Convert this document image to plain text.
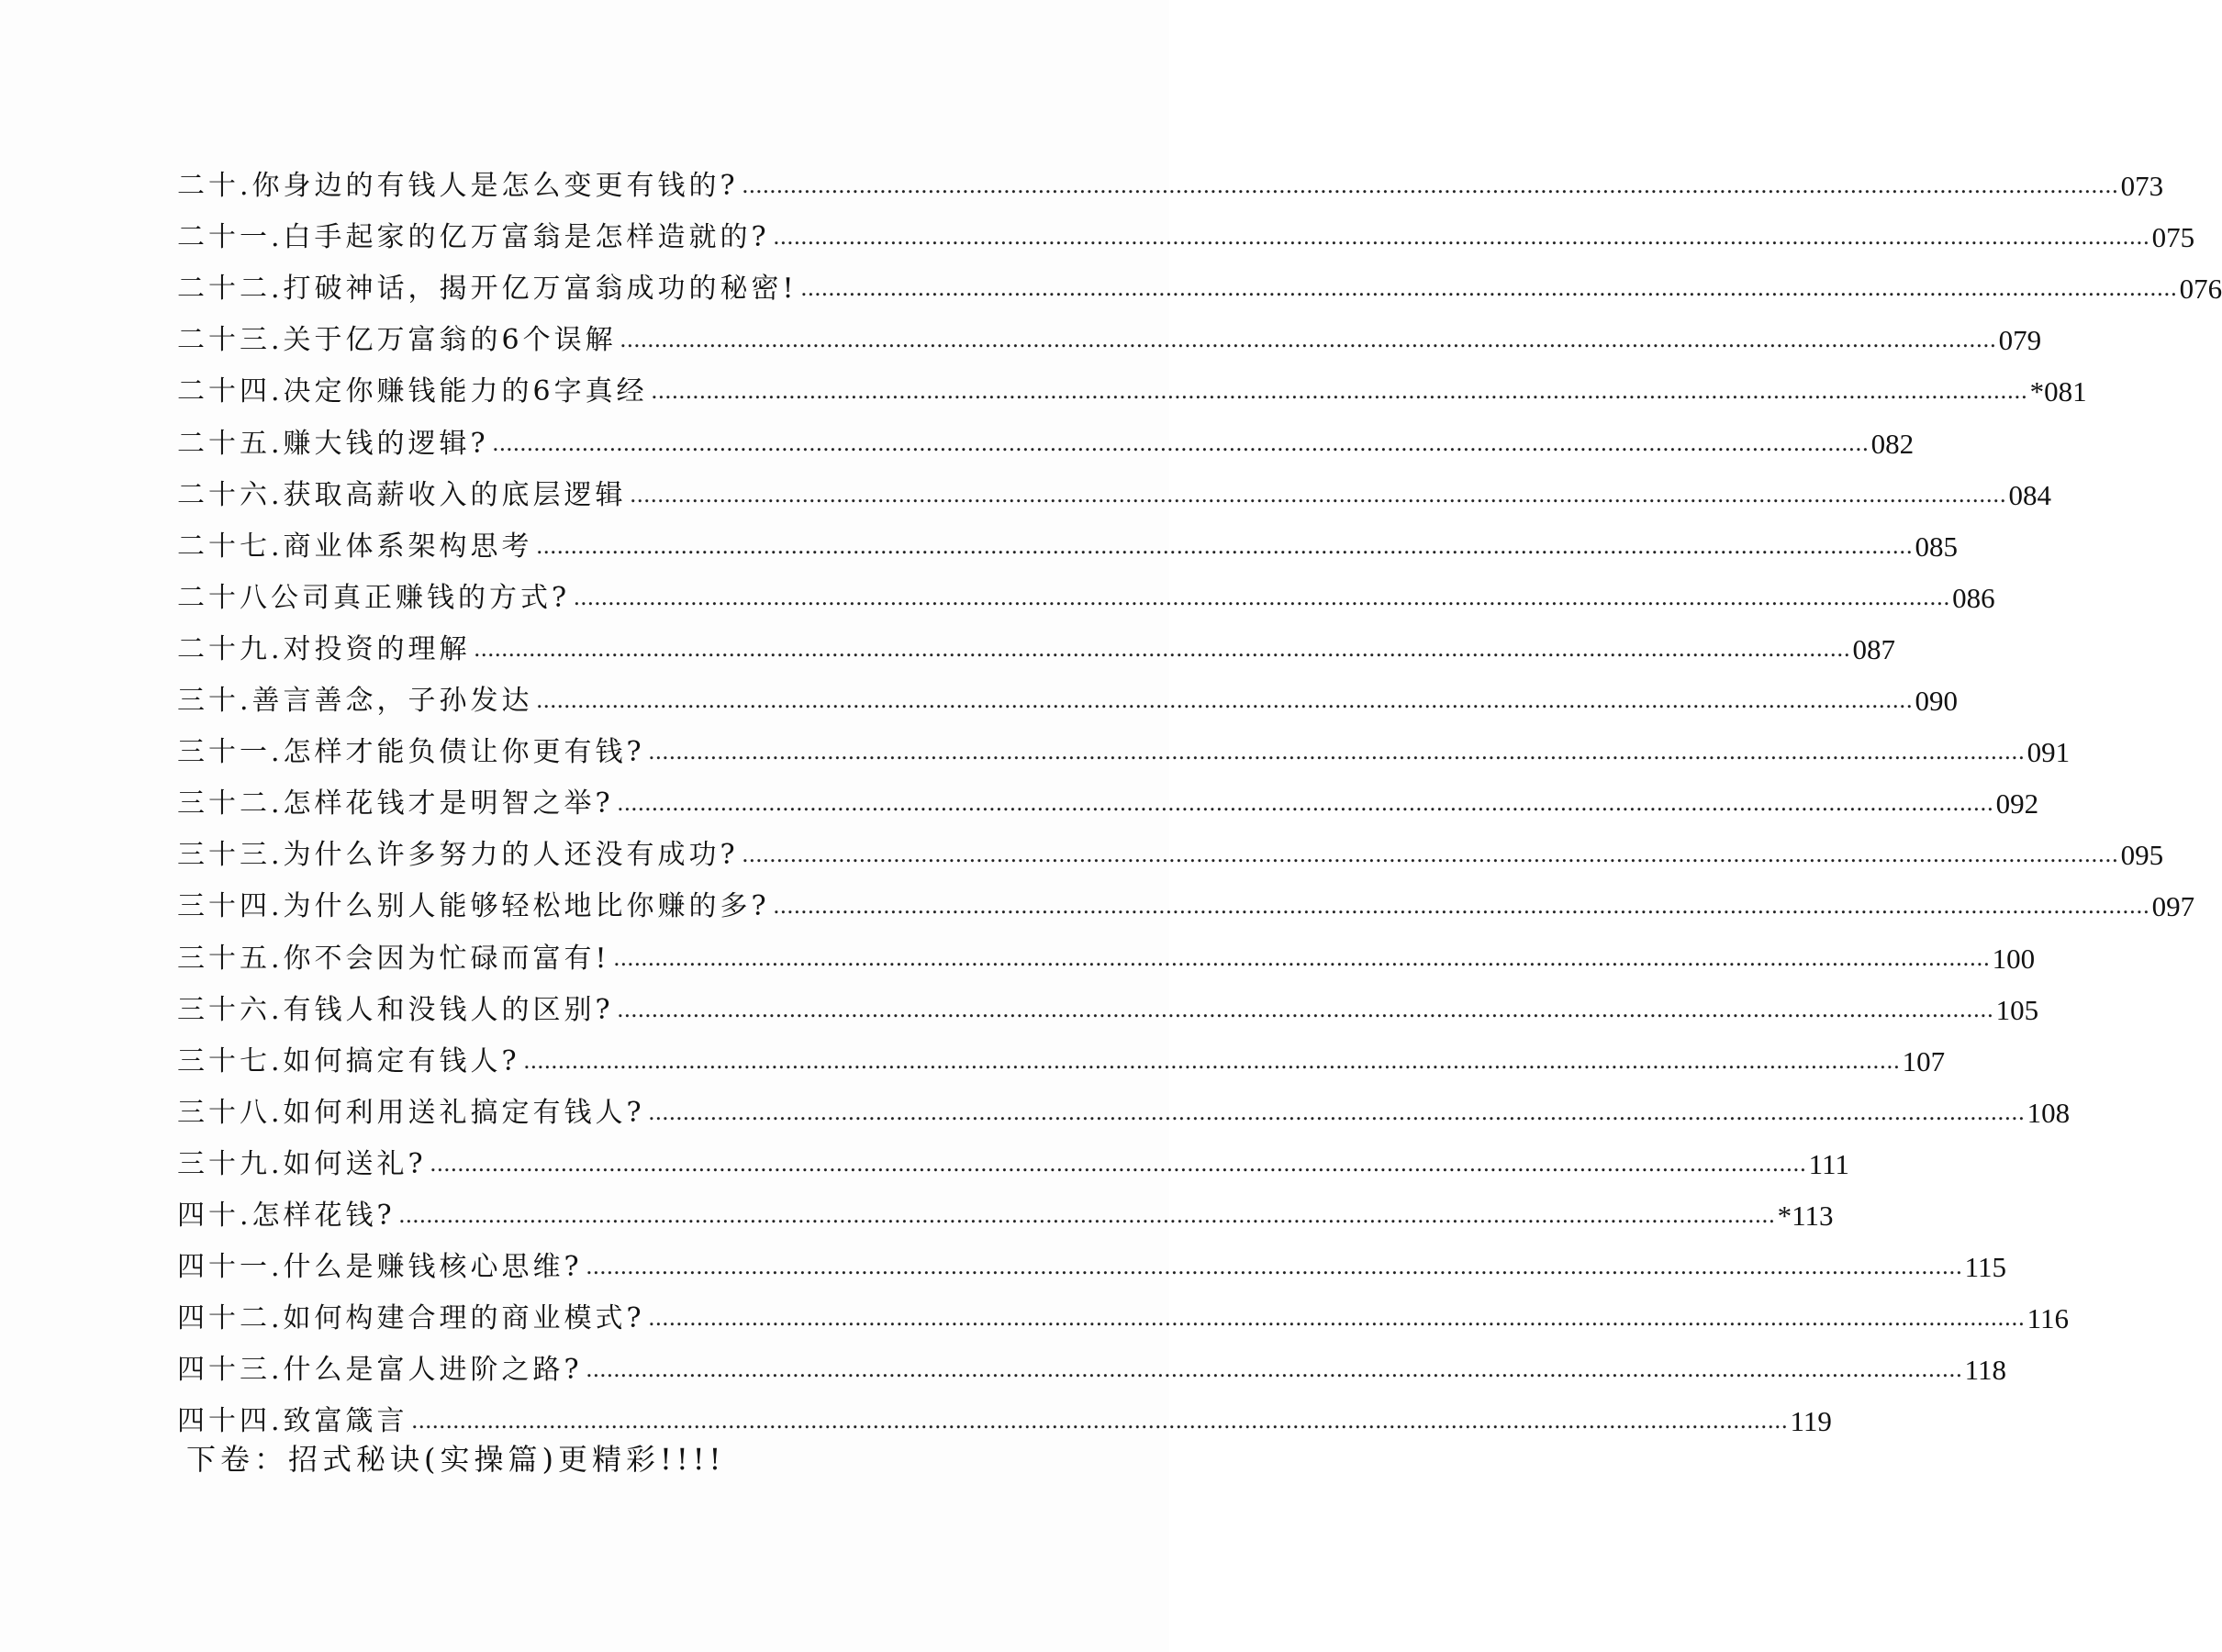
二十.你身边的有钱人是怎么变更有钱的? ........................................................................................................................................................................................................ 073
二十一.白手起家的亿万富翁是怎样造就的? ........................................................................................................................................................................................................ 075
二十二.打破神话，揭开亿万富翁成功的秘密! ........................................................................................................................................................................................................ 076
二十三.关于亿万富翁的6个误解 ........................................................................................................................................................................................................ 079
二十四.决定你赚钱能力的6字真经 ........................................................................................................................................................................................................ *081
二十五.赚大钱的逻辑? ........................................................................................................................................................................................................ 082
二十六.获取高薪收入的底层逻辑 ........................................................................................................................................................................................................ 084
二十七.商业体系架构思考 ........................................................................................................................................................................................................ 085
二十八公司真正赚钱的方式? ........................................................................................................................................................................................................ 086
二十九.对投资的理解 ........................................................................................................................................................................................................ 087
三十.善言善念，子孙发达 ........................................................................................................................................................................................................ 090
三十一.怎样才能负债让你更有钱? ........................................................................................................................................................................................................ 091
三十二.怎样花钱才是明智之举? ........................................................................................................................................................................................................ 092
三十三.为什么许多努力的人还没有成功? ........................................................................................................................................................................................................ 095
三十四.为什么别人能够轻松地比你赚的多? ........................................................................................................................................................................................................ 097
三十五.你不会因为忙碌而富有! ........................................................................................................................................................................................................ 100
三十六.有钱人和没钱人的区别? ........................................................................................................................................................................................................ 105
三十七.如何搞定有钱人? ........................................................................................................................................................................................................ 107
三十八.如何利用送礼搞定有钱人? ........................................................................................................................................................................................................ 108
三十九.如何送礼? ........................................................................................................................................................................................................ 111
四十.怎样花钱? ........................................................................................................................................................................................................ *113
四十一.什么是赚钱核心思维? ........................................................................................................................................................................................................ 115
四十二.如何构建合理的商业模式? ........................................................................................................................................................................................................ 116
四十三.什么是富人进阶之路? ........................................................................................................................................................................................................ 118
四十四.致富箴言 ........................................................................................................................................................................................................ 119
下卷：招式秘诀(实操篇)更精彩!!!!
